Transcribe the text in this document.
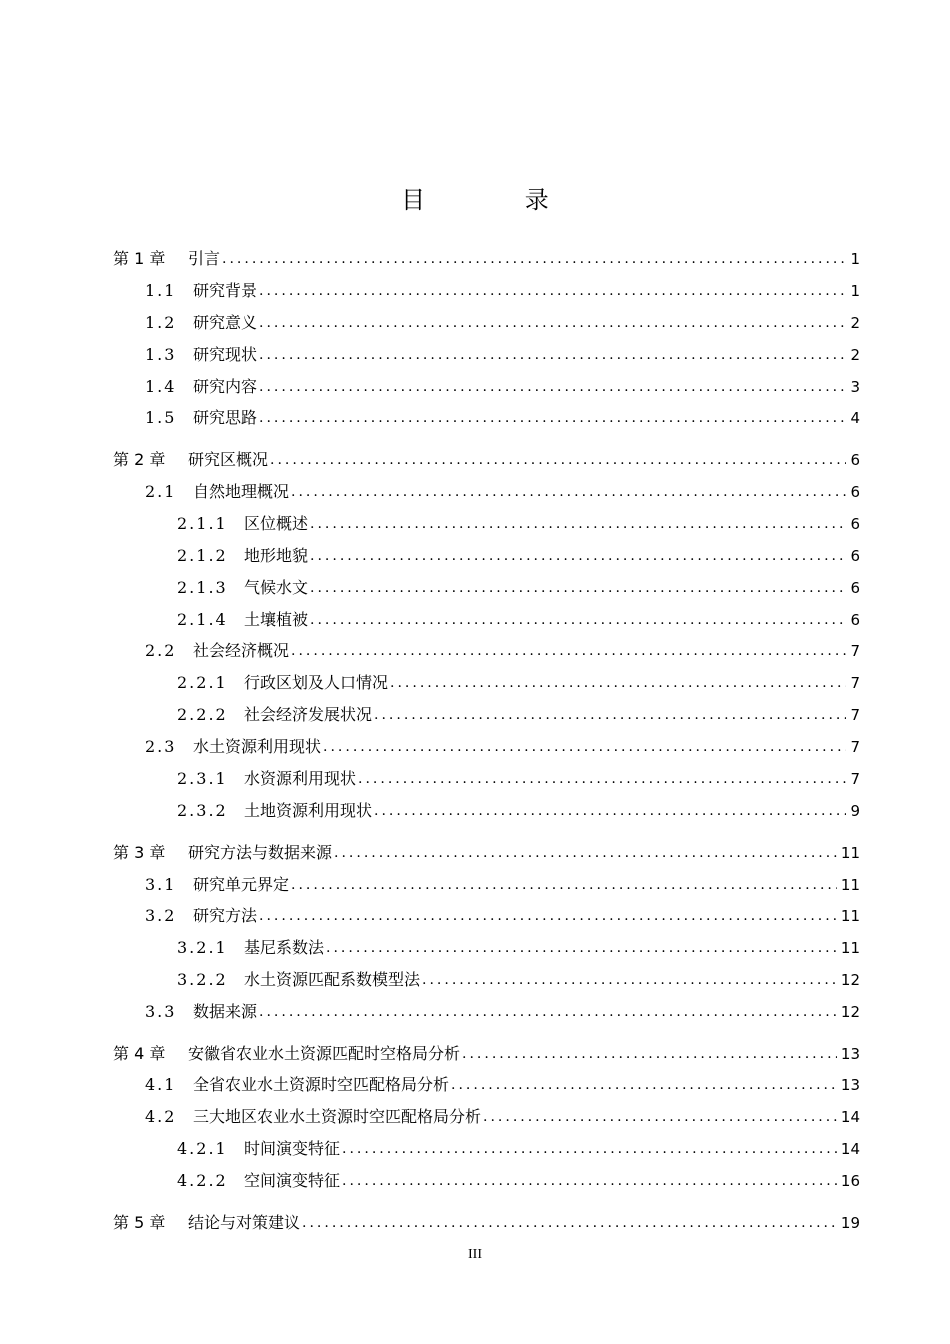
目 录
第 1 章	引言 .....	1
1.1	研究背景 .....	1
1.2	研究意义 .....	2
1.3	研究现状 .....	2
1.4	研究内容 .....	3
1.5	研究思路 .....	4
第 2 章	研究区概况 .....	6
2.1	自然地理概况 .....	6
2.1.1	区位概述 .....	6
2.1.2	地形地貌 .....	6
2.1.3	气候水文 .....	6
2.1.4	土壤植被 .....	6
2.2	社会经济概况 .....	7
2.2.1	行政区划及人口情况 .....	7
2.2.2	社会经济发展状况 .....	7
2.3	水土资源利用现状 .....	7
2.3.1	水资源利用现状 .....	7
2.3.2	土地资源利用现状 .....	9
第 3 章	研究方法与数据来源 .....	11
3.1	研究单元界定 .....	11
3.2	研究方法 .....	11
3.2.1	基尼系数法 .....	11
3.2.2	水土资源匹配系数模型法 .....	12
3.3	数据来源 .....	12
第 4 章	安徽省农业水土资源匹配时空格局分析 .....	13
4.1	全省农业水土资源时空匹配格局分析 .....	13
4.2	三大地区农业水土资源时空匹配格局分析 .....	14
4.2.1	时间演变特征 .....	14
4.2.2	空间演变特征 .....	16
第 5 章	结论与对策建议 .....	19
III
